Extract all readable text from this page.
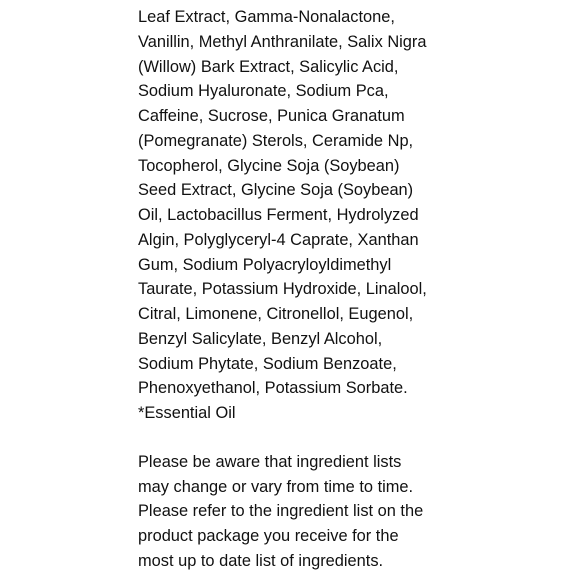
Leaf Extract, Gamma-Nonalactone,
Vanillin, Methyl Anthranilate, Salix Nigra
(Willow) Bark Extract, Salicylic Acid,
Sodium Hyaluronate, Sodium Pca,
Caffeine, Sucrose, Punica Granatum
(Pomegranate) Sterols, Ceramide Np,
Tocopherol, Glycine Soja (Soybean)
Seed Extract, Glycine Soja (Soybean)
Oil, Lactobacillus Ferment, Hydrolyzed
Algin, Polyglyceryl-4 Caprate, Xanthan
Gum, Sodium Polyacryloyldimethyl
Taurate, Potassium Hydroxide, Linalool,
Citral, Limonene, Citronellol, Eugenol,
Benzyl Salicylate, Benzyl Alcohol,
Sodium Phytate, Sodium Benzoate,
Phenoxyethanol, Potassium Sorbate.
*Essential Oil
Please be aware that ingredient lists
may change or vary from time to time.
Please refer to the ingredient list on the
product package you receive for the
most up to date list of ingredients.
